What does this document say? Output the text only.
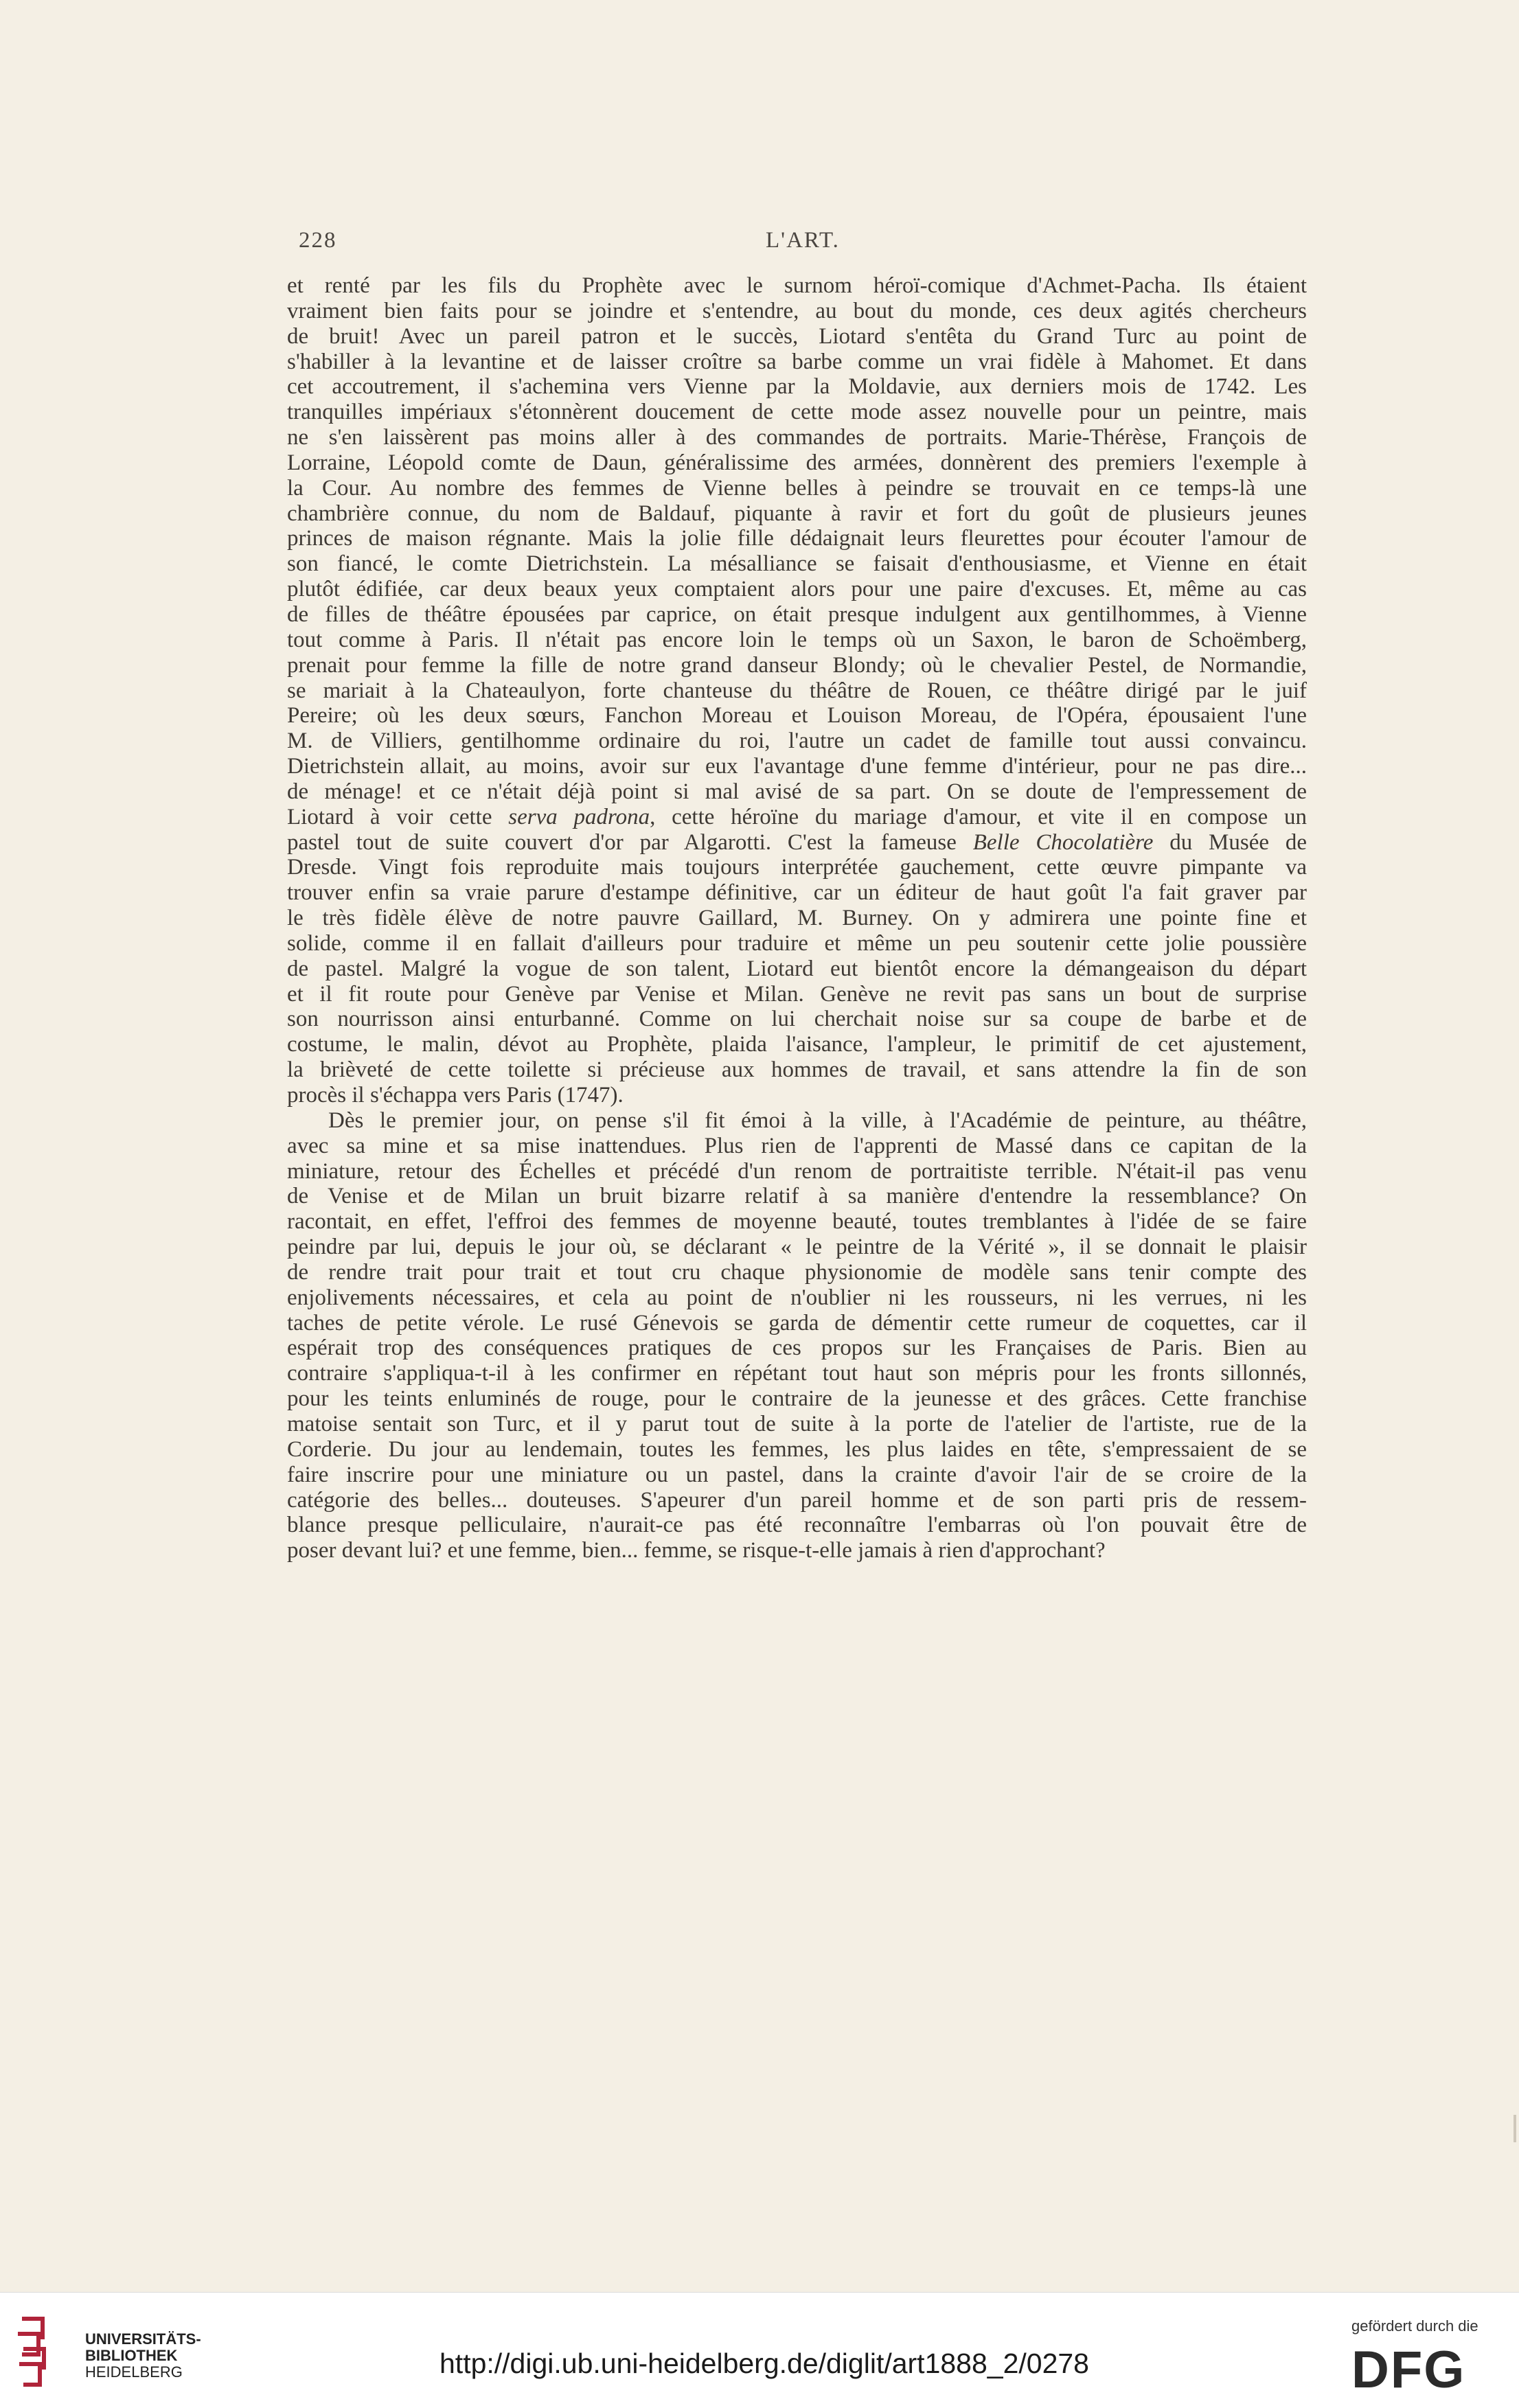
228	L'ART.
et renté par les fils du Prophète avec le surnom héroï-comique d'Achmet-Pacha. Ils étaient
vraiment bien faits pour se joindre et s'entendre, au bout du monde, ces deux agités chercheurs
de bruit! Avec un pareil patron et le succès, Liotard s'entêta du Grand Turc au point de
s'habiller à la levantine et de laisser croître sa barbe comme un vrai fidèle à Mahomet. Et dans
cet accoutrement, il s'achemina vers Vienne par la Moldavie, aux derniers mois de 1742. Les
tranquilles impériaux s'étonnèrent doucement de cette mode assez nouvelle pour un peintre, mais
ne s'en laissèrent pas moins aller à des commandes de portraits. Marie-Thérèse, François de
Lorraine, Léopold comte de Daun, généralissime des armées, donnèrent des premiers l'exemple à
la Cour. Au nombre des femmes de Vienne belles à peindre se trouvait en ce temps-là une
chambrière connue, du nom de Baldauf, piquante à ravir et fort du goût de plusieurs jeunes
princes de maison régnante. Mais la jolie fille dédaignait leurs fleurettes pour écouter l'amour de
son fiancé, le comte Dietrichstein. La mésalliance se faisait d'enthousiasme, et Vienne en était
plutôt édifiée, car deux beaux yeux comptaient alors pour une paire d'excuses. Et, même au cas
de filles de théâtre épousées par caprice, on était presque indulgent aux gentilhommes, à Vienne
tout comme à Paris. Il n'était pas encore loin le temps où un Saxon, le baron de Schoëmberg,
prenait pour femme la fille de notre grand danseur Blondy; où le chevalier Pestel, de Normandie,
se mariait à la Chateaulyon, forte chanteuse du théâtre de Rouen, ce théâtre dirigé par le juif
Pereire; où les deux sœurs, Fanchon Moreau et Louison Moreau, de l'Opéra, épousaient l'une
M. de Villiers, gentilhomme ordinaire du roi, l'autre un cadet de famille tout aussi convaincu.
Dietrichstein allait, au moins, avoir sur eux l'avantage d'une femme d'intérieur, pour ne pas dire...
de ménage! et ce n'était déjà point si mal avisé de sa part. On se doute de l'empressement de
Liotard à voir cette serva padrona, cette héroïne du mariage d'amour, et vite il en compose un
pastel tout de suite couvert d'or par Algarotti. C'est la fameuse Belle Chocolatière du Musée de
Dresde. Vingt fois reproduite mais toujours interprétée gauchement, cette œuvre pimpante va
trouver enfin sa vraie parure d'estampe définitive, car un éditeur de haut goût l'a fait graver par
le très fidèle élève de notre pauvre Gaillard, M. Burney. On y admirera une pointe fine et
solide, comme il en fallait d'ailleurs pour traduire et même un peu soutenir cette jolie poussière
de pastel. Malgré la vogue de son talent, Liotard eut bientôt encore la démangeaison du départ
et il fit route pour Genève par Venise et Milan. Genève ne revit pas sans un bout de surprise
son nourrisson ainsi enturbanné. Comme on lui cherchait noise sur sa coupe de barbe et de
costume, le malin, dévot au Prophète, plaida l'aisance, l'ampleur, le primitif de cet ajustement,
la brièveté de cette toilette si précieuse aux hommes de travail, et sans attendre la fin de son
procès il s'échappa vers Paris (1747).
Dès le premier jour, on pense s'il fit émoi à la ville, à l'Académie de peinture, au théâtre,
avec sa mine et sa mise inattendues. Plus rien de l'apprenti de Massé dans ce capitan de la
miniature, retour des Échelles et précédé d'un renom de portraitiste terrible. N'était-il pas venu
de Venise et de Milan un bruit bizarre relatif à sa manière d'entendre la ressemblance? On
racontait, en effet, l'effroi des femmes de moyenne beauté, toutes tremblantes à l'idée de se faire
peindre par lui, depuis le jour où, se déclarant « le peintre de la Vérité », il se donnait le plaisir
de rendre trait pour trait et tout cru chaque physionomie de modèle sans tenir compte des
enjolivements nécessaires, et cela au point de n'oublier ni les rousseurs, ni les verrues, ni les
taches de petite vérole. Le rusé Génevois se garda de démentir cette rumeur de coquettes, car il
espérait trop des conséquences pratiques de ces propos sur les Françaises de Paris. Bien au
contraire s'appliqua-t-il à les confirmer en répétant tout haut son mépris pour les fronts sillonnés,
pour les teints enluminés de rouge, pour le contraire de la jeunesse et des grâces. Cette franchise
matoise sentait son Turc, et il y parut tout de suite à la porte de l'atelier de l'artiste, rue de la
Corderie. Du jour au lendemain, toutes les femmes, les plus laides en tête, s'empressaient de se
faire inscrire pour une miniature ou un pastel, dans la crainte d'avoir l'air de se croire de la
catégorie des belles... douteuses. S'apeurer d'un pareil homme et de son parti pris de ressem-
blance presque pelliculaire, n'aurait-ce pas été reconnaître l'embarras où l'on pouvait être de
poser devant lui? et une femme, bien... femme, se risque-t-elle jamais à rien d'approchant?
UNIVERSITÄTS-
BIBLIOTHEK
HEIDELBERG	http://digi.ub.uni-heidelberg.de/diglit/art1888_2/0278
gefördert durch die
DFG
